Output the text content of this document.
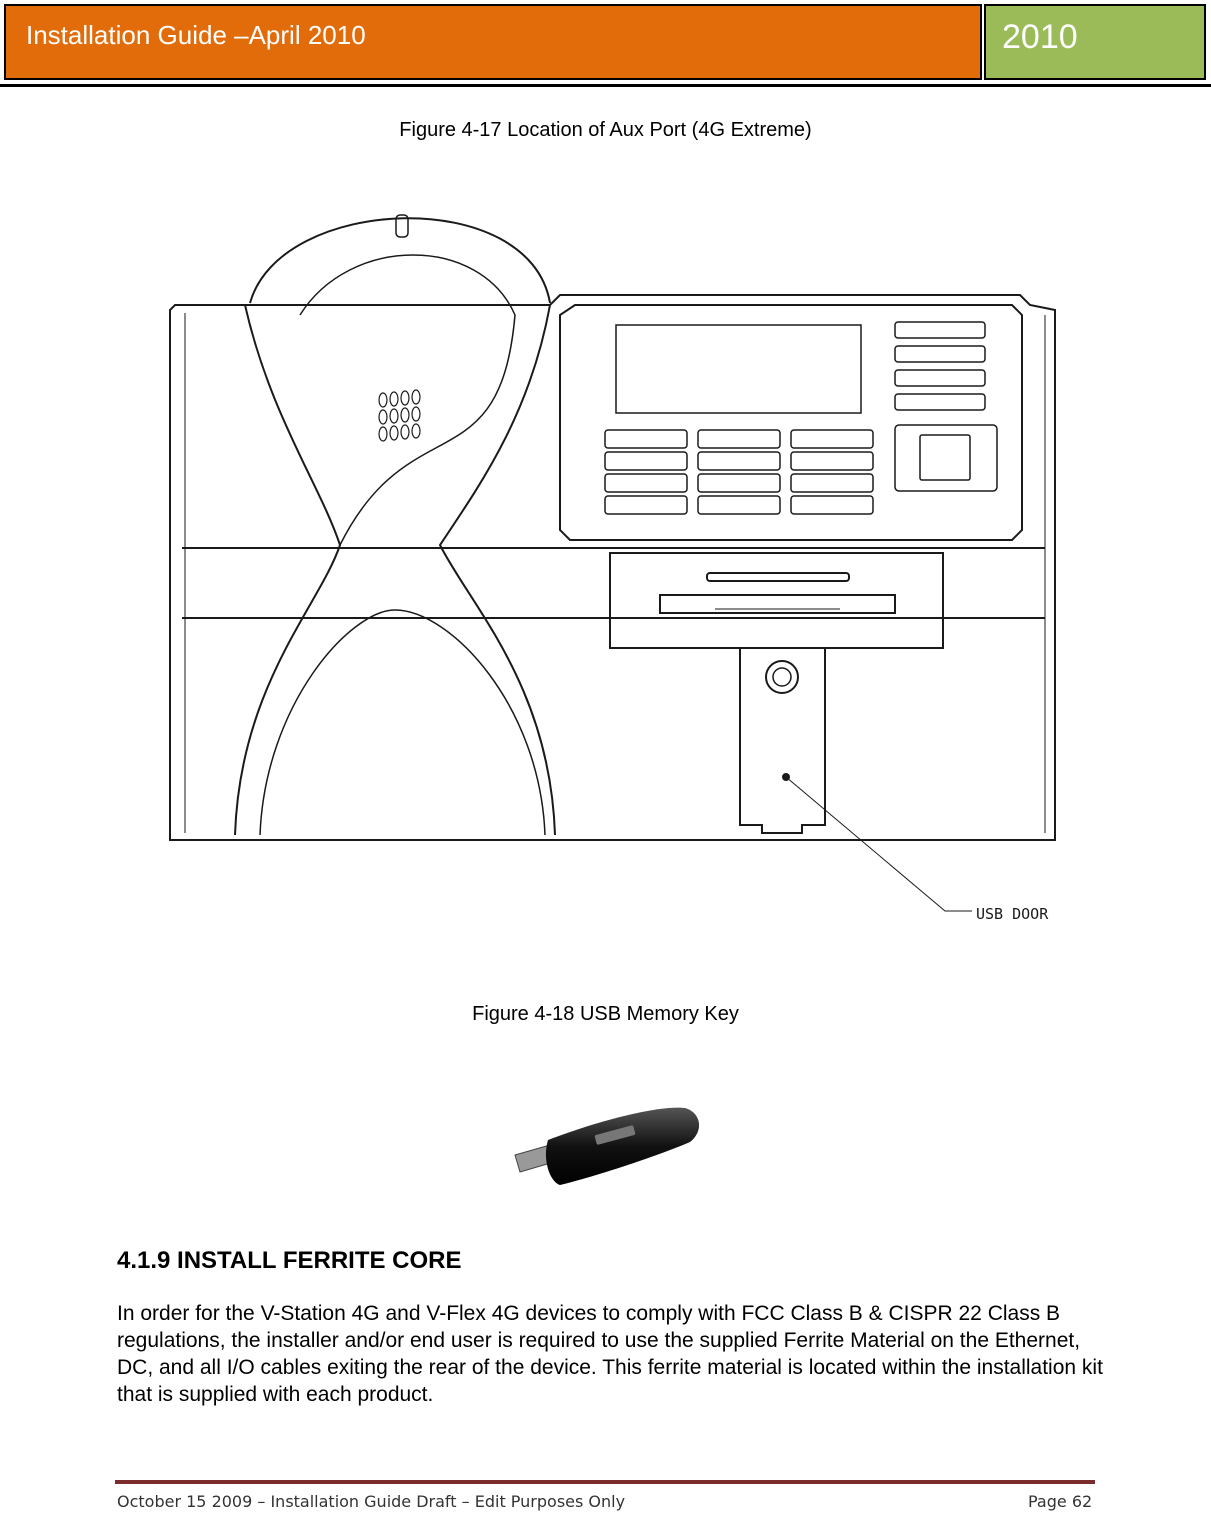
Installation Guide –April 2010	2010
Figure 4-17 Location of Aux Port (4G Extreme)
USB DOOR
Figure 4-18 USB Memory Key
4.1.9 INSTALL FERRITE CORE
In order for the V-Station 4G and V-Flex 4G devices to comply with FCC Class B & CISPR 22 Class B regulations, the installer and/or end user is required to use the supplied Ferrite Material on the Ethernet, DC, and all I/O cables exiting the rear of the device. This ferrite material is located within the installation kit that is supplied with each product.
October 15 2009 – Installation Guide Draft – Edit Purposes Only	Page 62
